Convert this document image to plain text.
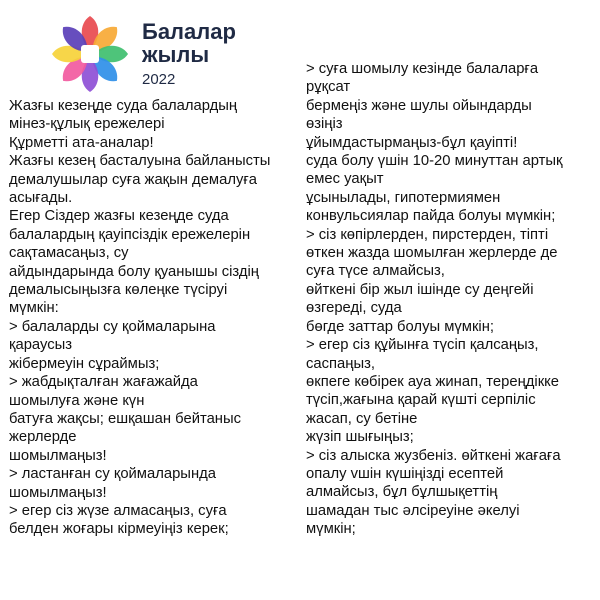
Балалар
жылы
2022
Жазғы кезеңде суда балалардың
мінез-құлық ережелері
Құрметті ата-аналар!
Жазғы кезең басталуына байланысты
демалушылар суға жақын демалуға
асығады.
Егер Сіздер жазғы кезеңде суда
балалардың қауіпсіздік ережелерін
сақтамасаңыз, су
айдындарында болу қуанышы сіздің
демалысыңызға көлеңке түсіруі
мүмкін:
> балаларды су қоймаларына
қараусыз
жібермеуін сұраймыз;
> жабдықталған жағажайда
шомылуға және күн
батуға жақсы; ешқашан бейтаныс
жерлерде
шомылмаңыз!
> ластанған су қоймаларында
шомылмаңыз!
> егер сіз жүзе алмасаңыз, суға
белден жоғары кірмеуіңіз керек;
> суға шомылу кезінде балаларға
рұқсат
бермеңіз және шулы ойындарды
өзіңіз
ұйымдастырмаңыз-бұл қауіпті!
суда болу үшін 10-20 минуттан артық
емес уақыт
ұсынылады, гипотермиямен
конвульсиялар пайда болуы мүмкін;
> сіз көпірлерден, пирстерден, тіпті
өткен жазда шомылған жерлерде де
суға түсе алмайсыз,
өйткені бір жыл ішінде су деңгейі
өзгереді, суда
бөгде заттар болуы мүмкін;
> егер сіз құйынға түсіп қалсаңыз,
саспаңыз,
өкпеге көбірек ауа жинап, тереңдікке
түсіп,жағына қарай күшті серпіліс
жасап, су бетіне
жүзіп шығыңыз;
> сіз алыска жузбеніз. өйткені жағаға
опалу vшін күшіңізді есептей
алмайсыз, бұл бұлшықеттің
шамадан тыс әлсіреуіне әкелуі
мүмкін;
